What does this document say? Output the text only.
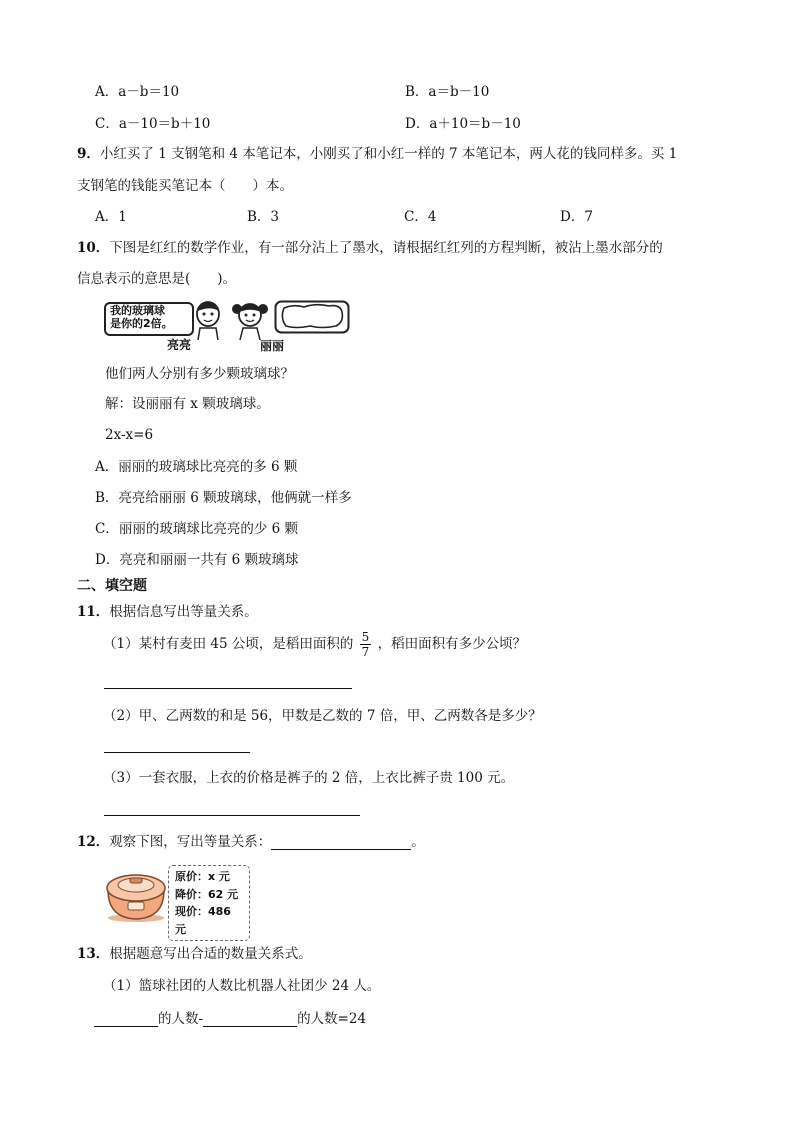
A．a－b＝10	B．a＝b－10
C．a－10＝b＋10	D．a＋10＝b－10
9．小红买了 1 支钢笔和 4 本笔记本，小刚买了和小红一样的 7 本笔记本，两人花的钱同样多。买 1
支钢笔的钱能买笔记本（　　）本。
A．1	B．3	C．4	D．7
10．下图是红红的数学作业，有一部分沾上了墨水，请根据红红列的方程判断，被沾上墨水部分的
信息表示的意思是(　　)。
我的玻璃球
是你的2倍。
亮亮	丽丽
他们两人分别有多少颗玻璃球？
解：设丽丽有 x 颗玻璃球。
2x-x=6
A．丽丽的玻璃球比亮亮的多 6 颗
B．亮亮给丽丽 6 颗玻璃球，他俩就一样多
C．丽丽的玻璃球比亮亮的少 6 颗
D．亮亮和丽丽一共有 6 颗玻璃球
二、填空题
11．根据信息写出等量关系。
（1）某村有麦田 45 公顷，是稻田面积的 $\frac{5}{7}$ ，稻田面积有多少公顷？
（2）甲、乙两数的和是 56，甲数是乙数的 7 倍，甲、乙两数各是多少？
（3）一套衣服，上衣的价格是裤子的 2 倍，上衣比裤子贵 100 元。
12．观察下图，写出等量关系：	。
原价：x 元
降价：62 元
现价：486 元
13．根据题意写出合适的数量关系式。
（1）篮球社团的人数比机器人社团少 24 人。
的人数-	的人数=24
